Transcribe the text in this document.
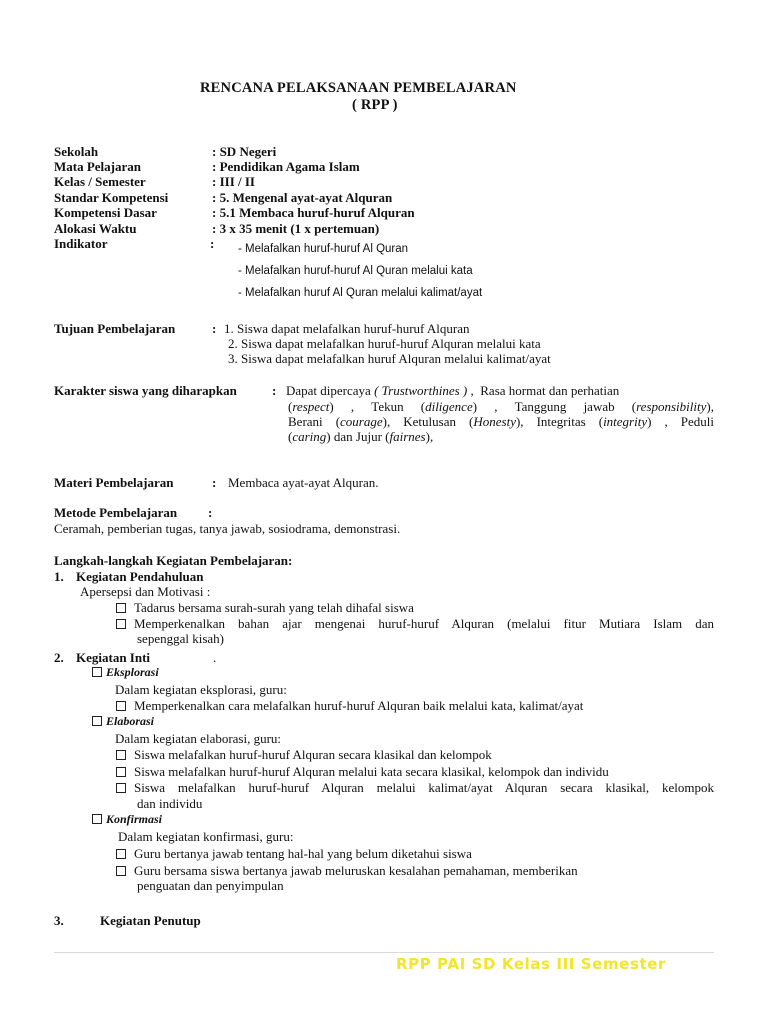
RENCANA PELAKSANAAN PEMBELAJARAN
( RPP )
Sekolah	: SD Negeri
Mata Pelajaran	: Pendidikan Agama Islam
Kelas / Semester	: III / II
Standar Kompetensi	: 5. Mengenal ayat-ayat Alquran
Kompetensi Dasar	: 5.1 Membaca huruf-huruf Alquran
Alokasi Waktu	: 3 x 35 menit (1 x pertemuan)
Indikator	: - Melafalkan huruf-huruf Al Quran
- Melafalkan huruf-huruf Al Quran melalui kata
- Melafalkan huruf Al Quran melalui kalimat/ayat
Tujuan Pembelajaran	: 1. Siswa dapat melafalkan huruf-huruf Alquran
2. Siswa dapat melafalkan huruf-huruf Alquran melalui kata
3. Siswa dapat melafalkan huruf Alquran melalui kalimat/ayat
Karakter siswa yang diharapkan	: Dapat dipercaya ( Trustworthines ) ,  Rasa hormat dan perhatian
(respect) , Tekun (diligence) , Tanggung jawab (responsibility),
Berani (courage), Ketulusan (Honesty), Integritas (integrity) , Peduli
(caring) dan Jujur (fairnes),
Materi Pembelajaran	: Membaca ayat-ayat Alquran.
Metode Pembelajaran :
Ceramah, pemberian tugas, tanya jawab, sosiodrama, demonstrasi.
Langkah-langkah Kegiatan Pembelajaran:
1. Kegiatan Pendahuluan
Apersepsi dan Motivasi :
Tadarus bersama surah-surah yang telah dihafal siswa
Memperkenalkan bahan ajar mengenai huruf-huruf Alquran (melalui fitur Mutiara Islam dan
sepenggal kisah)
2. Kegiatan Inti	.
Eksplorasi
Dalam kegiatan eksplorasi, guru:
Memperkenalkan cara melafalkan huruf-huruf Alquran baik melalui kata, kalimat/ayat
Elaborasi
Dalam kegiatan elaborasi, guru:
Siswa melafalkan huruf-huruf Alquran secara klasikal dan kelompok
Siswa melafalkan huruf-huruf Alquran melalui kata secara klasikal, kelompok dan individu
Siswa melafalkan huruf-huruf Alquran melalui kalimat/ayat Alquran secara klasikal, kelompok
dan individu
Konfirmasi
Dalam kegiatan konfirmasi, guru:
Guru bertanya jawab tentang hal-hal yang belum diketahui siswa
Guru bersama siswa bertanya jawab meluruskan kesalahan pemahaman, memberikan
penguatan dan penyimpulan
3.	Kegiatan Penutup
RPP PAI SD Kelas III Semester
